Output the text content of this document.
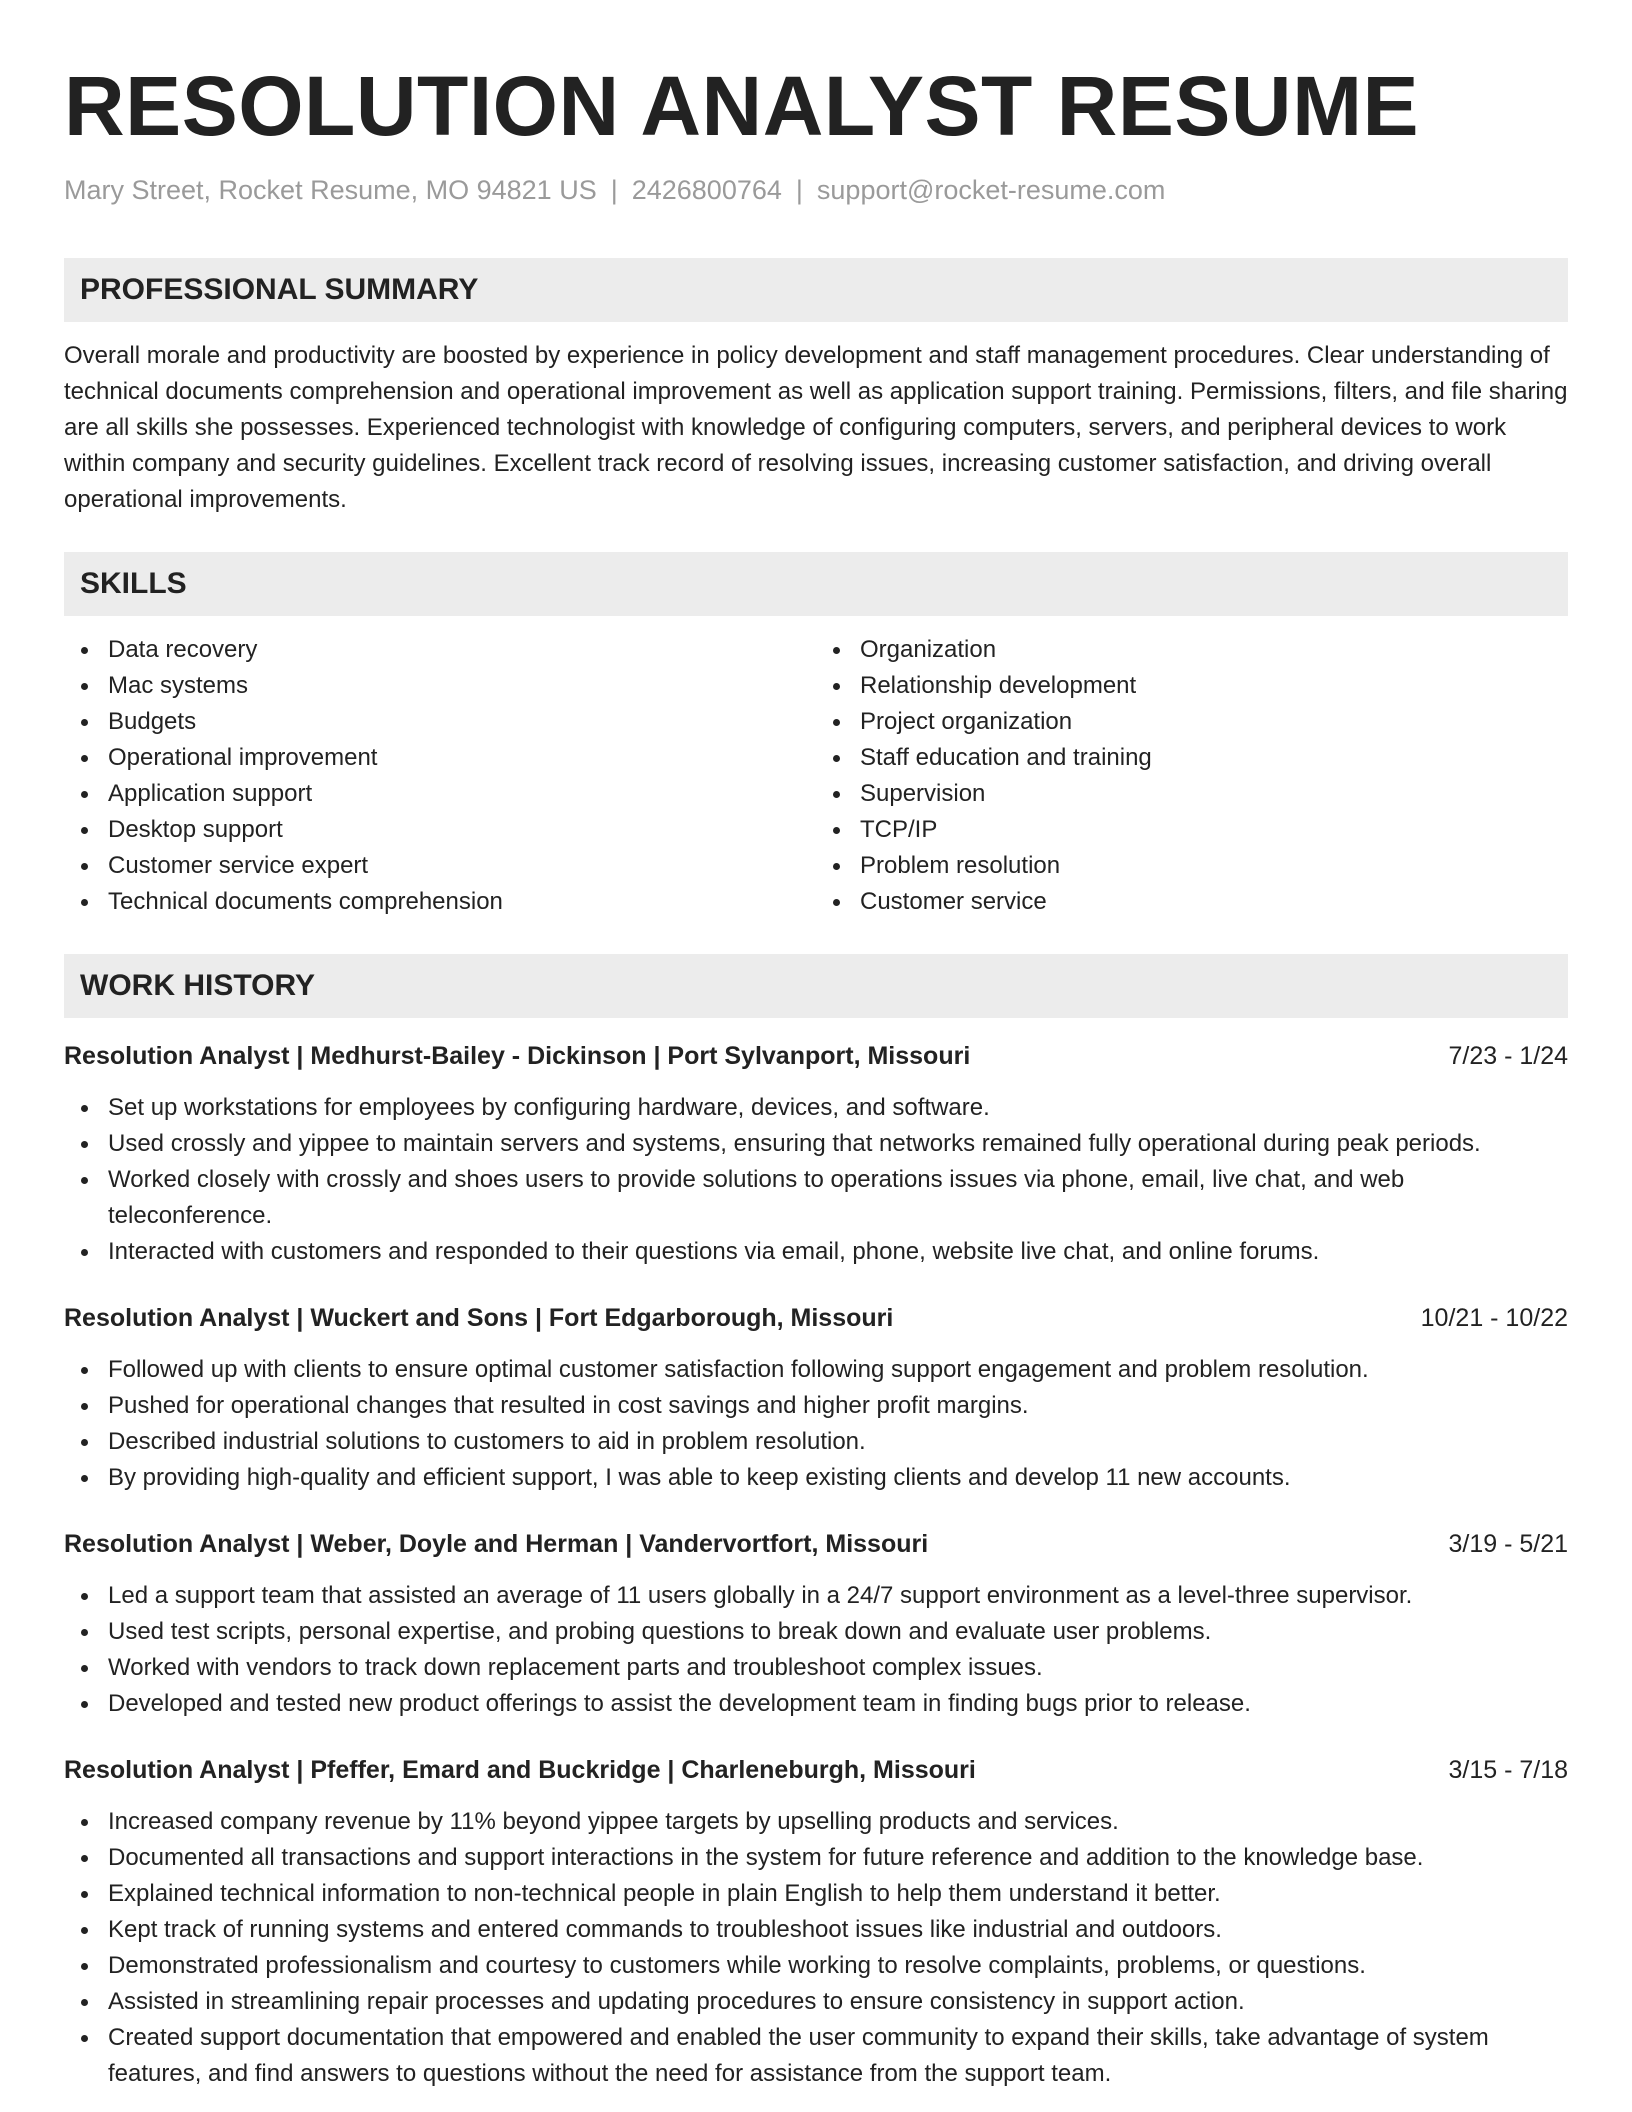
RESOLUTION ANALYST RESUME
Mary Street, Rocket Resume, MO 94821 US | 2426800764 | support@rocket-resume.com
PROFESSIONAL SUMMARY

Overall morale and productivity are boosted by experience in policy development and staff management procedures. Clear understanding of technical documents comprehension and operational improvement as well as application support training. Permissions, filters, and file sharing are all skills she possesses. Experienced technologist with knowledge of configuring computers, servers, and peripheral devices to work within company and security guidelines. Excellent track record of resolving issues, increasing customer satisfaction, and driving overall operational improvements.

SKILLS
Data recovery
Mac systems
Budgets
Operational improvement
Application support
Desktop support
Customer service expert
Technical documents comprehension
Organization
Relationship development
Project organization
Staff education and training
Supervision
TCP/IP
Problem resolution
Customer service
WORK HISTORY
Resolution Analyst | Medhurst-Bailey - Dickinson | Port Sylvanport, Missouri	7/23 - 1/24
Set up workstations for employees by configuring hardware, devices, and software.
Used crossly and yippee to maintain servers and systems, ensuring that networks remained fully operational during peak periods.
Worked closely with crossly and shoes users to provide solutions to operations issues via phone, email, live chat, and web teleconference.
Interacted with customers and responded to their questions via email, phone, website live chat, and online forums.
Resolution Analyst | Wuckert and Sons | Fort Edgarborough, Missouri	10/21 - 10/22
Followed up with clients to ensure optimal customer satisfaction following support engagement and problem resolution.
Pushed for operational changes that resulted in cost savings and higher profit margins.
Described industrial solutions to customers to aid in problem resolution.
By providing high-quality and efficient support, I was able to keep existing clients and develop 11 new accounts.
Resolution Analyst | Weber, Doyle and Herman | Vandervortfort, Missouri	3/19 - 5/21
Led a support team that assisted an average of 11 users globally in a 24/7 support environment as a level-three supervisor.
Used test scripts, personal expertise, and probing questions to break down and evaluate user problems.
Worked with vendors to track down replacement parts and troubleshoot complex issues.
Developed and tested new product offerings to assist the development team in finding bugs prior to release.
Resolution Analyst | Pfeffer, Emard and Buckridge | Charleneburgh, Missouri	3/15 - 7/18
Increased company revenue by 11% beyond yippee targets by upselling products and services.
Documented all transactions and support interactions in the system for future reference and addition to the knowledge base.
Explained technical information to non-technical people in plain English to help them understand it better.
Kept track of running systems and entered commands to troubleshoot issues like industrial and outdoors.
Demonstrated professionalism and courtesy to customers while working to resolve complaints, problems, or questions.
Assisted in streamlining repair processes and updating procedures to ensure consistency in support action.
Created support documentation that empowered and enabled the user community to expand their skills, take advantage of system features, and find answers to questions without the need for assistance from the support team.
